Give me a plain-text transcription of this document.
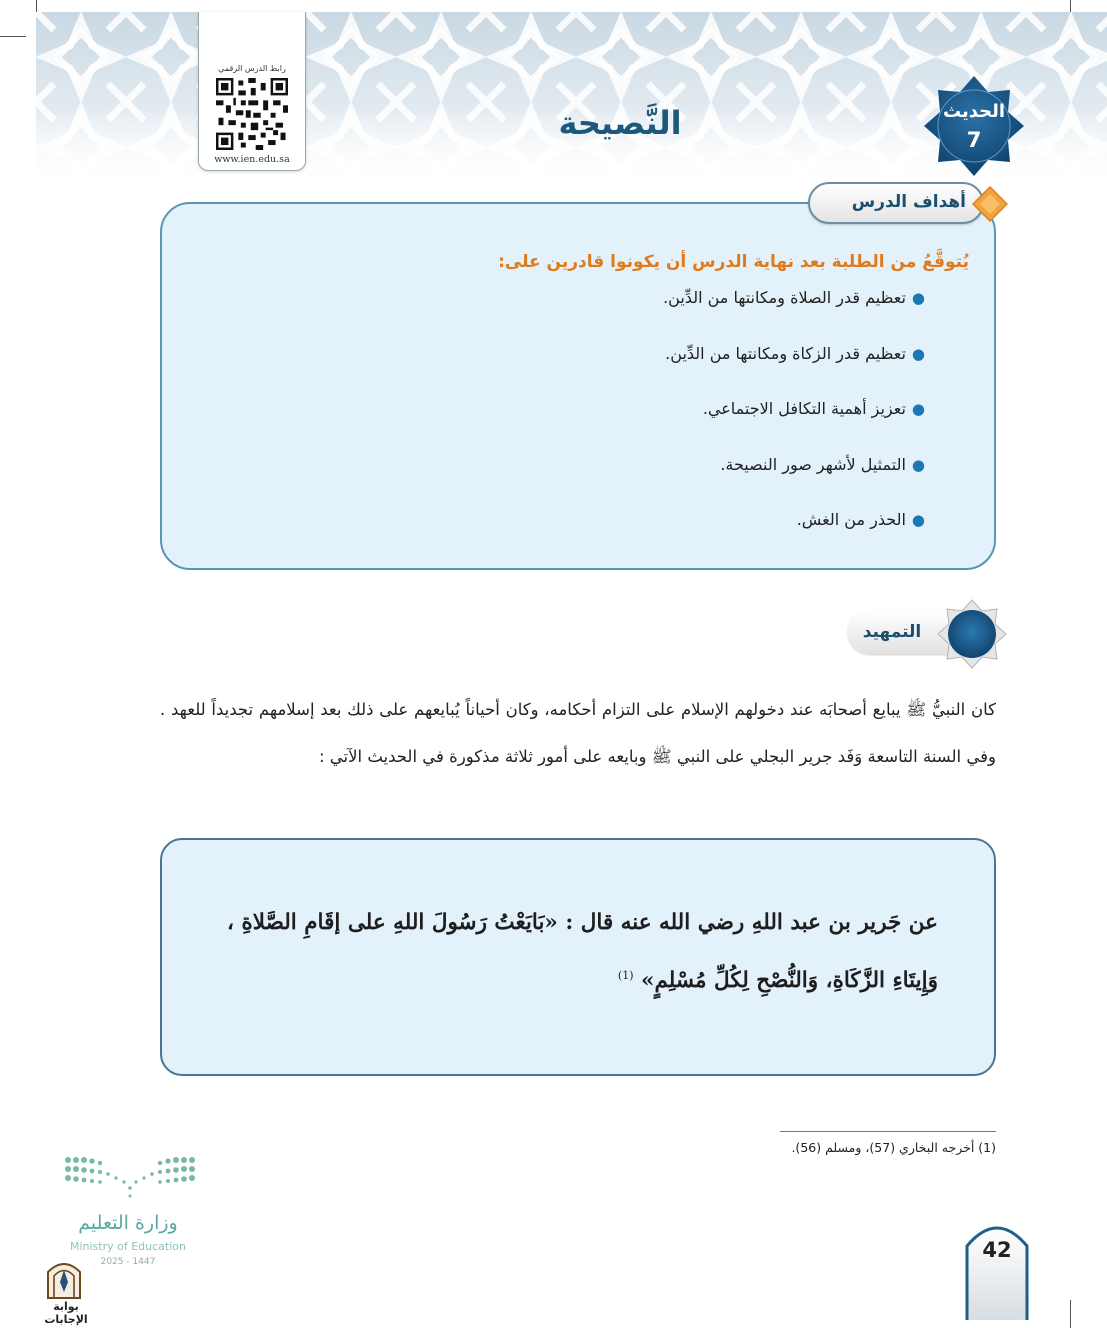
رابط الدرس الرقمي
www.ien.edu.sa
النَّصيحة	الحديث
7
أهداف الدرس
يُتوقَّعُ من الطلبة بعد نهاية الدرس أن يكونوا قادرين على:
●تعظيم قدر الصلاة ومكانتها من الدِّين.
●تعظيم قدر الزكاة ومكانتها من الدِّين.
●تعزيز أهمية التكافل الاجتماعي.
●التمثيل لأشهر صور النصيحة.
●الحذر من الغش.
التمهيد

كان النبيُّ ﷺ يبايع أصحابَه عند دخولهم الإسلام على التزام أحكامه، وكان أحياناً يُبايعهم على ذلك بعد إسلامهم تجديداً للعهد . وفي السنة التاسعة وَفَد جرير البجلي على النبي ﷺ وبايعه على أمور ثلاثة مذكورة في الحديث الآتي :

عن جَرير بن عبد اللهِ رضي الله عنه قال : «بَايَعْتُ رَسُولَ اللهِ على إقَامِ الصَّلاةِ ، وَإِيتَاءِ الزَّكَاةِ، وَالنُّصْحِ لِكُلِّ مُسْلِمٍ» $^{(1)}$
(1) أخرجه البخاري (57)، ومسلم (56).
وزارة التعليم
Ministry of Education
2025 - 1447
بوابة الإجابات
42
